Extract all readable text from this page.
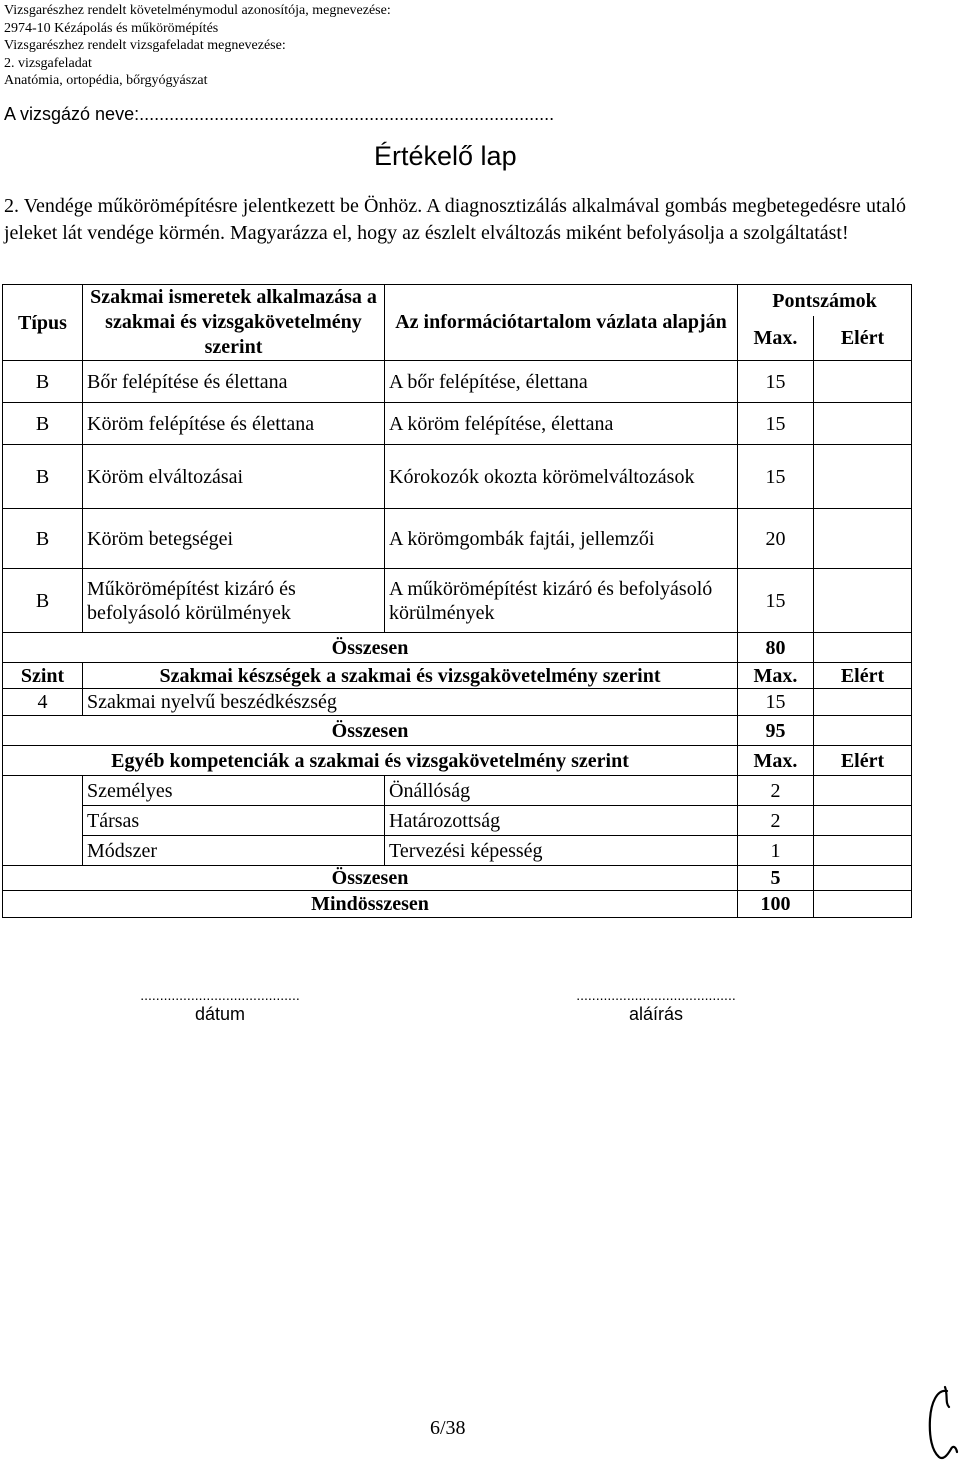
Vizsgarészhez rendelt követelménymodul azonosítója, megnevezése:
2974-10 Kézápolás és műkörömépítés
Vizsgarészhez rendelt vizsgafeladat megnevezése:
2. vizsgafeladat
Anatómia, ortopédia, bőrgyógyászat
A vizsgázó neve:...................................................................................
Értékelő lap
2. Vendége műkörömépítésre jelentkezett be Önhöz. A diagnosztizálás alkalmával gombás megbetegedésre utaló jeleket lát vendége körmén. Magyarázza el, hogy az észlelt elváltozás miként befolyásolja a szolgáltatást!
Típus	Szakmai ismeretek alkalmazása a szakmai és vizsgakövetelmény szerint	Az információtartalom vázlata alapján	Pontszámok	
			Max.	Elért
B	Bőr felépítése és élettana	A bőr felépítése, élettana	15	
B	Köröm felépítése és élettana	A köröm felépítése, élettana	15	
B	Köröm elváltozásai	Kórokozók okozta körömelváltozások	15	
B	Köröm betegségei	A körömgombák fajtái, jellemzői	20	
B	Műkörömépítést kizáró és befolyásoló körülmények	A műkörömépítést kizáró és befolyásoló körülmények	15	
Összesen			80	
Szint	Szakmai készségek a szakmai és vizsgakövetelmény szerint		Max.	Elért
4	Szakmai nyelvű beszédkészség		15	
Összesen			95	
Egyéb kompetenciák a szakmai és vizsgakövetelmény szerint			Max.	Elért
	Személyes	Önállóság	2	
	Társas	Határozottság	2	
	Módszer	Tervezési képesség	1	
Összesen			5	
Mindösszesen			100	
.........................................
dátum
.........................................
aláírás
6/38
